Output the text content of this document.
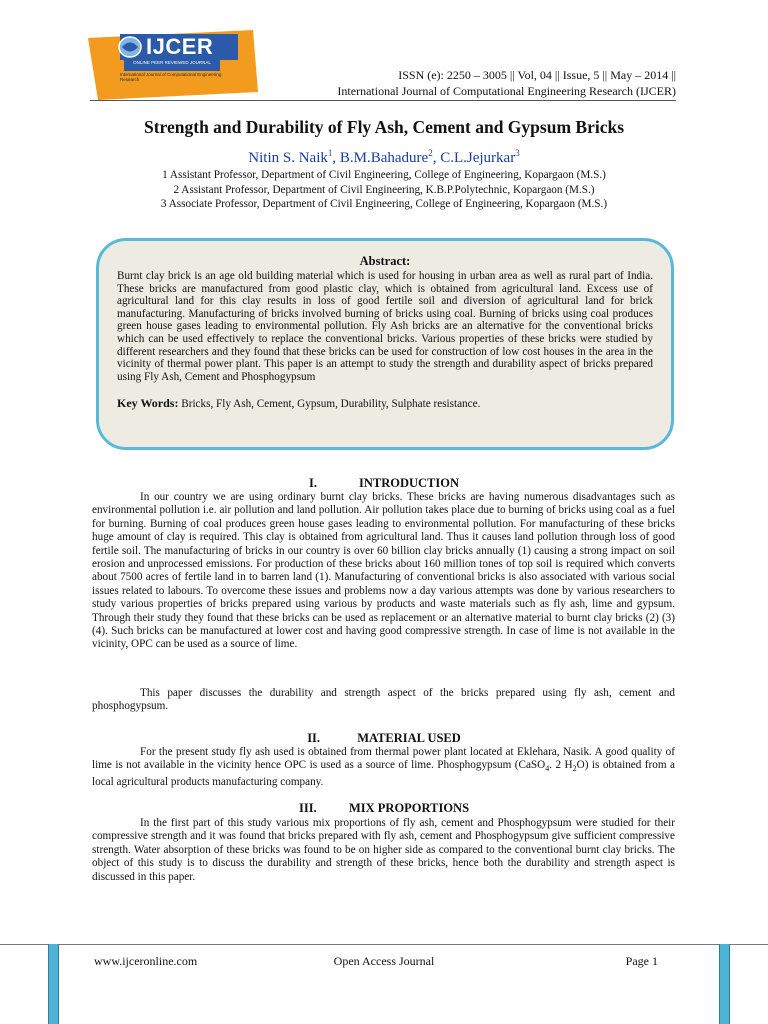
IJCER
ONLINE PEER REVIEWED JOURNAL
International Journal of Computational Engineering Research	ISSN (e): 2250 – 3005 || Vol, 04 || Issue, 5 || May – 2014 ||
International Journal of Computational Engineering Research (IJCER)
Strength and Durability of Fly Ash, Cement and Gypsum Bricks
Nitin S. Naik$^1$, B.M.Bahadure$^2$, C.L.Jejurkar$^3$
1 Assistant Professor, Department of Civil Engineering, College of Engineering, Kopargaon (M.S.)
2 Assistant Professor, Department of Civil Engineering, K.B.P.Polytechnic, Kopargaon (M.S.)
3 Associate Professor, Department of Civil Engineering, College of Engineering, Kopargaon (M.S.)
Abstract:
Burnt clay brick is an age old building material which is used for housing in urban area as well as rural part of India. These bricks are manufactured from good plastic clay, which is obtained from agricultural land. Excess use of agricultural land for this clay results in loss of good fertile soil and diversion of agricultural land for brick manufacturing. Manufacturing of bricks involved burning of bricks using coal. Burning of bricks using coal produces green house gases leading to environmental pollution. Fly Ash bricks are an alternative for the conventional bricks which can be used effectively to replace the conventional bricks. Various properties of these bricks were studied by different researchers and they found that these bricks can be used for construction of low cost houses in the area in the vicinity of thermal power plant. This paper is an attempt to study the strength and durability aspect of bricks prepared using Fly Ash, Cement and Phosphogypsum
Key Words: Bricks, Fly Ash, Cement, Gypsum, Durability, Sulphate resistance.
I.	INTRODUCTION
In our country we are using ordinary burnt clay bricks. These bricks are having numerous disadvantages such as environmental pollution i.e. air pollution and land pollution. Air pollution takes place due to burning of bricks using coal as a fuel for burning. Burning of coal produces green house gases leading to environmental pollution. For manufacturing of these bricks huge amount of clay is required. This clay is obtained from agricultural land. Thus it causes land pollution through loss of good fertile soil. The manufacturing of bricks in our country is over 60 billion clay bricks annually (1) causing a strong impact on soil erosion and unprocessed emissions. For production of these bricks about 160 million tones of top soil is required which converts about 7500 acres of fertile land in to barren land (1). Manufacturing of conventional bricks is also associated with various social issues related to labours. To overcome these issues and problems now a day various attempts was done by various researchers to study various properties of bricks prepared using various by products and waste materials such as fly ash, lime and gypsum. Through their study they found that these bricks can be used as replacement or an alternative material to burnt clay bricks (2) (3) (4). Such bricks can be manufactured at lower cost and having good compressive strength. In case of lime is not available in the vicinity, OPC can be used as a source of lime.
This paper discusses the durability and strength aspect of the bricks prepared using fly ash, cement and phosphogypsum.
II.	MATERIAL USED
For the present study fly ash used is obtained from thermal power plant located at Eklehara, Nasik. A good quality of lime is not available in the vicinity hence OPC is used as a source of lime. Phosphogypsum (CaSO$_4$. 2 $H_2O$) is obtained from a local agricultural products manufacturing company.
III.	MIX PROPORTIONS
In the first part of this study various mix proportions of fly ash, cement and Phosphogypsum were studied for their compressive strength and it was found that bricks prepared with fly ash, cement and Phosphogypsum give sufficient compressive strength. Water absorption of these bricks was found to be on higher side as compared to the conventional burnt clay bricks. The object of this study is to discuss the durability and strength of these bricks, hence both the durability and strength aspect is discussed in this paper.
www.ijceronline.com	Open Access Journal	Page 1
